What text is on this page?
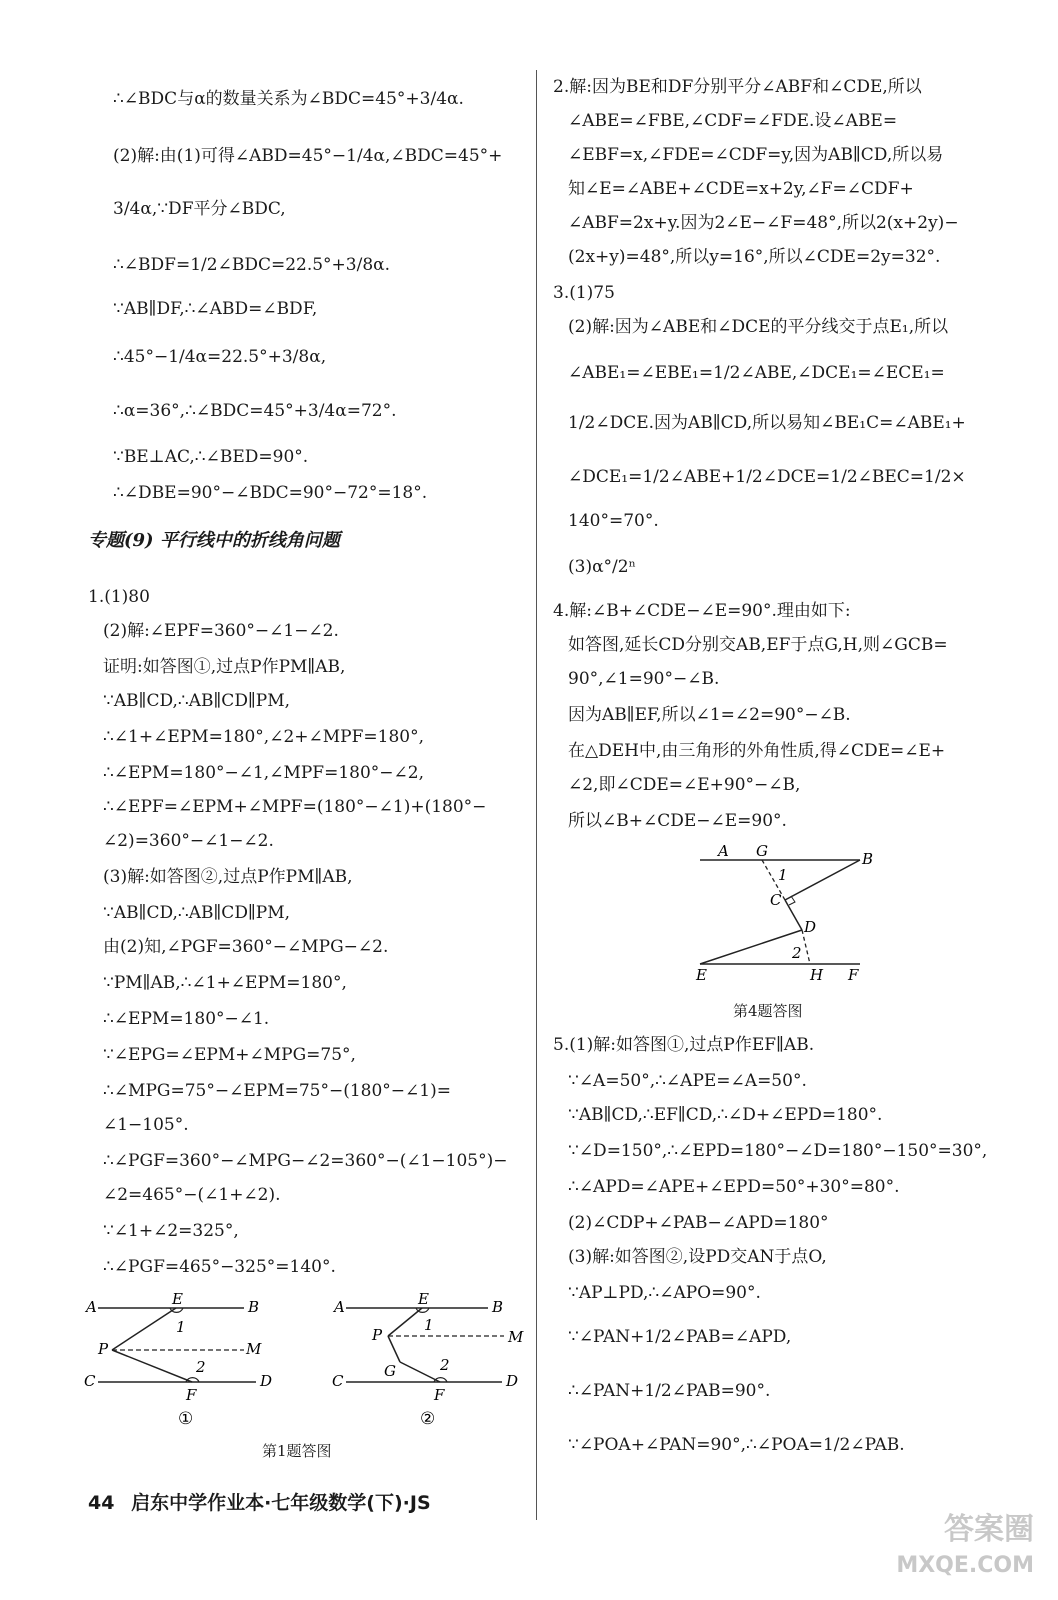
∴∠BDC与α的数量关系为∠BDC=45°+3/4α.
(2)解:由(1)可得∠ABD=45°−1/4α,∠BDC=45°+
3/4α,∵DF平分∠BDC,
∴∠BDF=1/2∠BDC=22.5°+3/8α.
∵AB∥DF,∴∠ABD=∠BDF,
∴45°−1/4α=22.5°+3/8α,
∴α=36°,∴∠BDC=45°+3/4α=72°.
∵BE⊥AC,∴∠BED=90°.
∴∠DBE=90°−∠BDC=90°−72°=18°.
1.(1)80
(2)解:∠EPF=360°−∠1−∠2.
证明:如答图①,过点P作PM∥AB,
∵AB∥CD,∴AB∥CD∥PM,
∴∠1+∠EPM=180°,∠2+∠MPF=180°,
∴∠EPM=180°−∠1,∠MPF=180°−∠2,
∴∠EPF=∠EPM+∠MPF=(180°−∠1)+(180°−
∠2)=360°−∠1−∠2.
(3)解:如答图②,过点P作PM∥AB,
∵AB∥CD,∴AB∥CD∥PM,
由(2)知,∠PGF=360°−∠MPG−∠2.
∵PM∥AB,∴∠1+∠EPM=180°,
∴∠EPM=180°−∠1.
∵∠EPG=∠EPM+∠MPG=75°,
∴∠MPG=75°−∠EPM=75°−(180°−∠1)=
∠1−105°.
∴∠PGF=360°−∠MPG−∠2=360°−(∠1−105°)−
∠2=465°−(∠1+∠2).
∵∠1+∠2=325°,
∴∠PGF=465°−325°=140°.
专题(9) 平行线中的折线角问题
2.解:因为BE和DF分别平分∠ABF和∠CDE,所以
∠ABE=∠FBE,∠CDF=∠FDE.设∠ABE=
∠EBF=x,∠FDE=∠CDF=y,因为AB∥CD,所以易
知∠E=∠ABE+∠CDE=x+2y,∠F=∠CDF+
∠ABF=2x+y.因为2∠E−∠F=48°,所以2(x+2y)−
(2x+y)=48°,所以y=16°,所以∠CDE=2y=32°.
3.(1)75
(2)解:因为∠ABE和∠DCE的平分线交于点E₁,所以
∠ABE₁=∠EBE₁=1/2∠ABE,∠DCE₁=∠ECE₁=
1/2∠DCE.因为AB∥CD,所以易知∠BE₁C=∠ABE₁+
∠DCE₁=1/2∠ABE+1/2∠DCE=1/2∠BEC=1/2×
140°=70°.
(3)α°/2ⁿ
4.解:∠B+∠CDE−∠E=90°.理由如下:
如答图,延长CD分别交AB,EF于点G,H,则∠GCB=
90°,∠1=90°−∠B.
因为AB∥EF,所以∠1=∠2=90°−∠B.
在△DEH中,由三角形的外角性质,得∠CDE=∠E+
∠2,即∠CDE=∠E+90°−∠B,
所以∠B+∠CDE−∠E=90°.
5.(1)解:如答图①,过点P作EF∥AB.
∵∠A=50°,∴∠APE=∠A=50°.
∵AB∥CD,∴EF∥CD,∴∠D+∠EPD=180°.
∵∠D=150°,∴∠EPD=180°−∠D=180°−150°=30°,
∴∠APD=∠APE+∠EPD=50°+30°=80°.
(2)∠CDP+∠PAB−∠APD=180°
(3)解:如答图②,设PD交AN于点O,
∵AP⊥PD,∴∠APO=90°.
∵∠PAN+1/2∠PAB=∠APD,
∴∠PAN+1/2∠PAB=90°.
∵∠POA+∠PAN=90°,∴∠POA=1/2∠PAB.
A G	B
1
C
D
2
E	H F
第4题答图
A	E	B
1
P	M
2
C
F
D
①
A	E	B
1
P	M
G	2
C
F
D
②
第1题答图
44 启东中学作业本·七年级数学(下)·JS
答案圈
MXQE.COM
